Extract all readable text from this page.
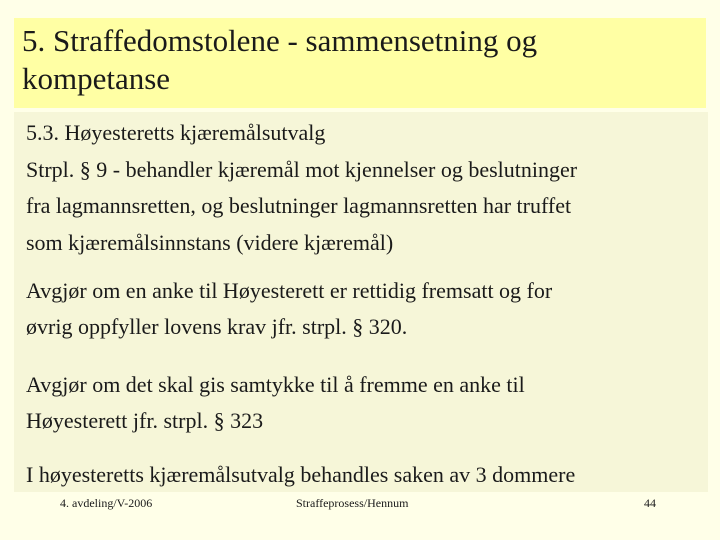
5. Straffedomstolene - sammensetning og
kompetanse

5.3. Høyesteretts kjæremålsutvalg
Strpl. § 9 - behandler kjæremål mot kjennelser og beslutninger
fra lagmannsretten, og beslutninger lagmannsretten har truffet
som kjæremålsinnstans (videre kjæremål)

Avgjør om en anke til Høyesterett er rettidig fremsatt og for
øvrig oppfyller lovens krav jfr. strpl. § 320.

Avgjør om det skal gis samtykke til å fremme en anke til
Høyesterett jfr. strpl. § 323

I høyesteretts kjæremålsutvalg behandles saken av 3 dommere

4. avdeling/V-2006	Straffeprosess/Hennum	44
